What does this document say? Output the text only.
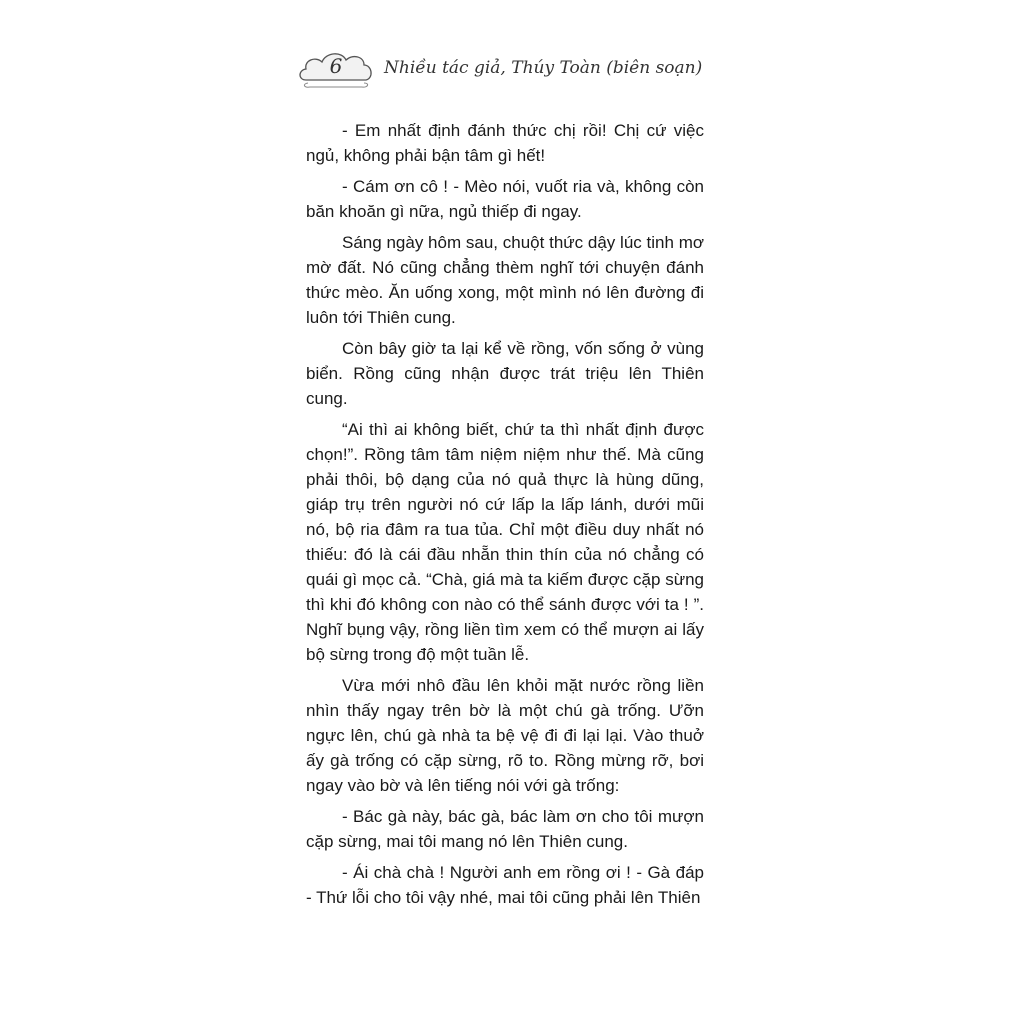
6	Nhiều tác giả, Thúy Toàn (biên soạn)

- Em nhất định đánh thức chị rồi! Chị cứ việc ngủ, không phải bận tâm gì hết!

- Cám ơn cô ! - Mèo nói, vuốt ria và, không còn băn khoăn gì nữa, ngủ thiếp đi ngay.

Sáng ngày hôm sau, chuột thức dậy lúc tinh mơ mờ đất. Nó cũng chẳng thèm nghĩ tới chuyện đánh thức mèo. Ăn uống xong, một mình nó lên đường đi luôn tới Thiên cung.

Còn bây giờ ta lại kể về rồng, vốn sống ở vùng biển. Rồng cũng nhận được trát triệu lên Thiên cung.

“Ai thì ai không biết, chứ ta thì nhất định được chọn!”. Rồng tâm tâm niệm niệm như thế. Mà cũng phải thôi, bộ dạng của nó quả thực là hùng dũng, giáp trụ trên người nó cứ lấp la lấp lánh, dưới mũi nó, bộ ria đâm ra tua tủa. Chỉ một điều duy nhất nó thiếu: đó là cái đầu nhẵn thin thín của nó chẳng có quái gì mọc cả. “Chà, giá mà ta kiếm được cặp sừng thì khi đó không con nào có thể sánh được với ta ! ”. Nghĩ bụng vậy, rồng liền tìm xem có thể mượn ai lấy bộ sừng trong độ một tuần lễ.

Vừa mới nhô đầu lên khỏi mặt nước rồng liền nhìn thấy ngay trên bờ là một chú gà trống. Ưỡn ngực lên, chú gà nhà ta bệ vệ đi đi lại lại. Vào thuở ấy gà trống có cặp sừng, rõ to. Rồng mừng rỡ, bơi ngay vào bờ và lên tiếng nói với gà trống:

- Bác gà này, bác gà, bác làm ơn cho tôi mượn cặp sừng, mai tôi mang nó lên Thiên cung.

- Ái chà chà ! Người anh em rồng ơi ! - Gà đáp - Thứ lỗi cho tôi vậy nhé, mai tôi cũng phải lên Thiên
